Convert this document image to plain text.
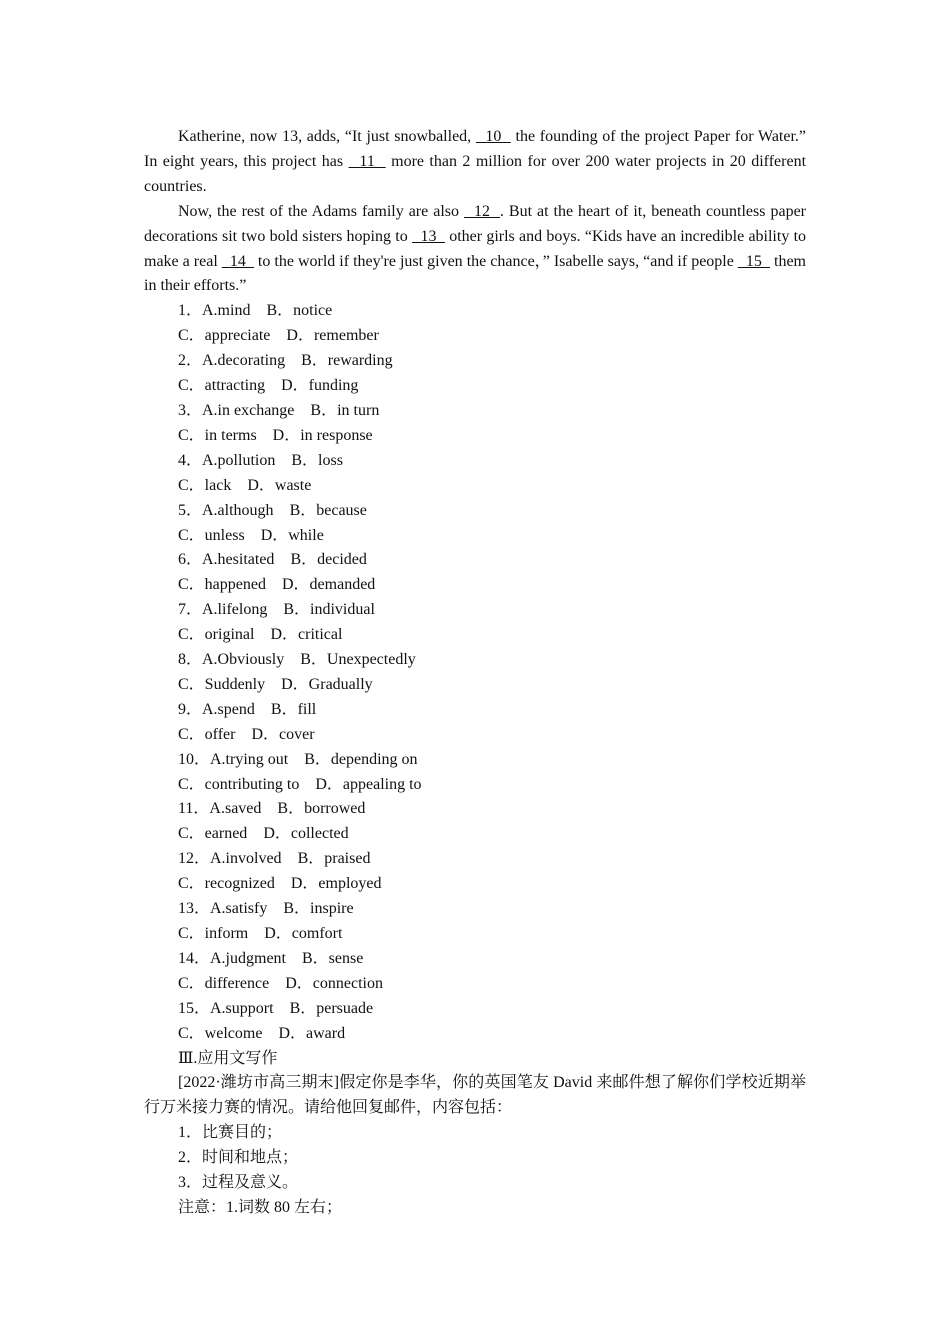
Katherine, now 13, adds, “It just snowballed,   10   the founding of the project Paper for Water.” In eight years, this project has   11   more than 2 million for over 200 water projects in 20 different countries.

Now, the rest of the Adams family are also   12  . But at the heart of it, beneath countless paper decorations sit two bold sisters hoping to   13   other girls and boys. “Kids have an incredible ability to make a real   14   to the world if they're just given the chance，” Isabelle says, “and if people   15   them in their efforts.”

1．A.mind B．notice

C．appreciate D．remember

2．A.decorating B．rewarding

C．attracting D．funding

3．A.in exchange B．in turn

C．in terms D．in response

4．A.pollution B．loss

C．lack D．waste

5．A.although B．because

C．unless D．while

6．A.hesitated B．decided

C．happened D．demanded

7．A.lifelong B．individual

C．original D．critical

8．A.Obviously B．Unexpectedly

C．Suddenly D．Gradually

9．A.spend B．fill

C．offer D．cover

10．A.trying out B．depending on

C．contributing to D．appealing to

11．A.saved B．borrowed

C．earned D．collected

12．A.involved B．praised

C．recognized D．employed

13．A.satisfy B．inspire

C．inform D．comfort

14．A.judgment B．sense

C．difference D．connection

15．A.support B．persuade

C．welcome D．award

Ⅲ.应用文写作

[2022·潍坊市高三期末]假定你是李华，你的英国笔友 David 来邮件想了解你们学校近期举行万米接力赛的情况。请给他回复邮件，内容包括：

1．比赛目的；

2．时间和地点；

3．过程及意义。

注意：1.词数 80 左右；
